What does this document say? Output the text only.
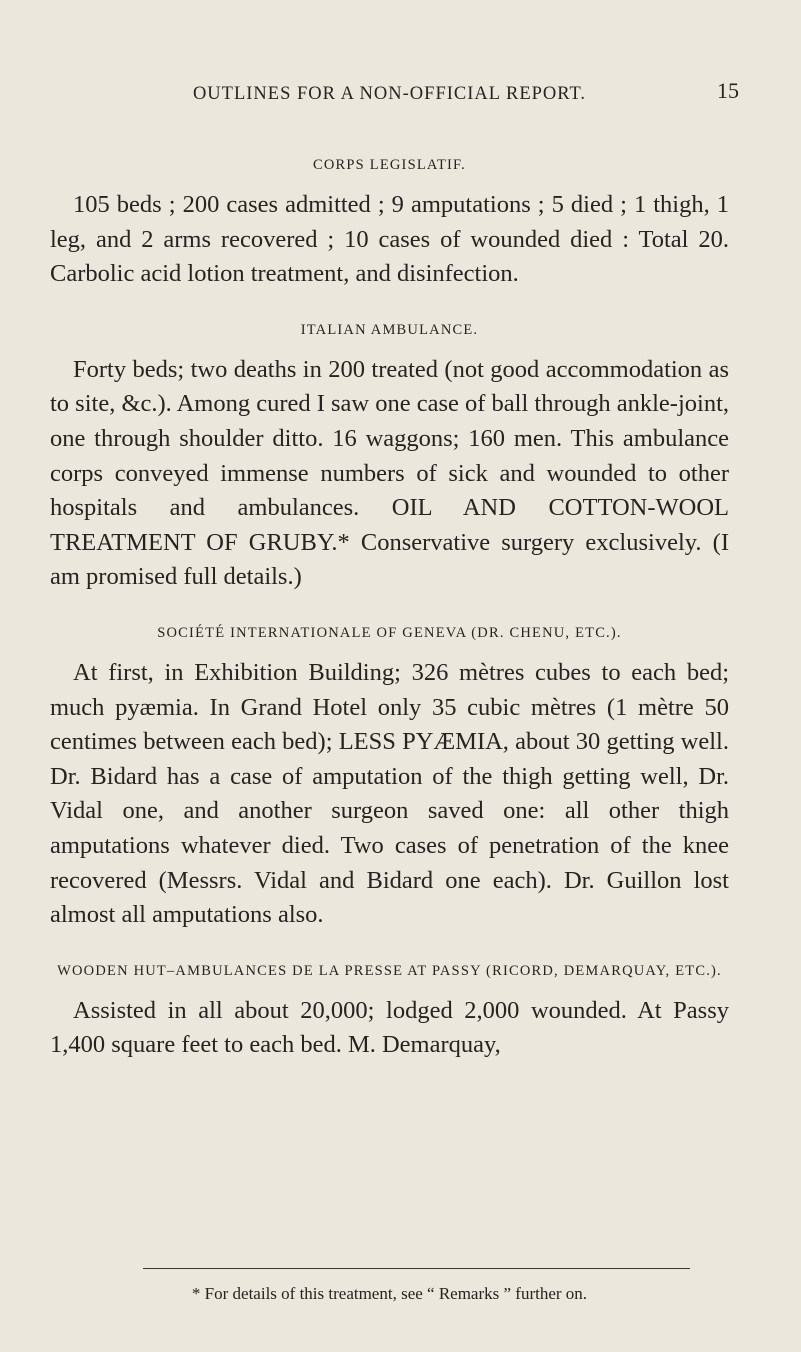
OUTLINES FOR A NON-OFFICIAL REPORT.	15
CORPS LEGISLATIF.

105 beds ; 200 cases admitted ; 9 amputations ; 5 died ; 1 thigh, 1 leg, and 2 arms recovered ; 10 cases of wounded died : Total 20. Carbolic acid lotion treatment, and disinfection.

ITALIAN AMBULANCE.

Forty beds; two deaths in 200 treated (not good accommodation as to site, &c.). Among cured I saw one case of ball through ankle-joint, one through shoulder ditto. 16 waggons; 160 men. This ambulance corps conveyed immense numbers of sick and wounded to other hospitals and ambulances. OIL AND COTTON-WOOL TREATMENT OF GRUBY.* Conservative surgery exclusively. (I am promised full details.)

SOCIÉTÉ INTERNATIONALE OF GENEVA (DR. CHENU, ETC.).

At first, in Exhibition Building; 326 mètres cubes to each bed; much pyæmia. In Grand Hotel only 35 cubic mètres (1 mètre 50 centimes between each bed); LESS PYÆMIA, about 30 getting well. Dr. Bidard has a case of amputation of the thigh getting well, Dr. Vidal one, and another surgeon saved one: all other thigh amputations whatever died. Two cases of penetration of the knee recovered (Messrs. Vidal and Bidard one each). Dr. Guillon lost almost all amputations also.

WOODEN HUT–AMBULANCES DE LA PRESSE AT PASSY (RICORD, DEMARQUAY, ETC.).

Assisted in all about 20,000; lodged 2,000 wounded. At Passy 1,400 square feet to each bed. M. Demarquay,

* For details of this treatment, see “ Remarks ” further on.
